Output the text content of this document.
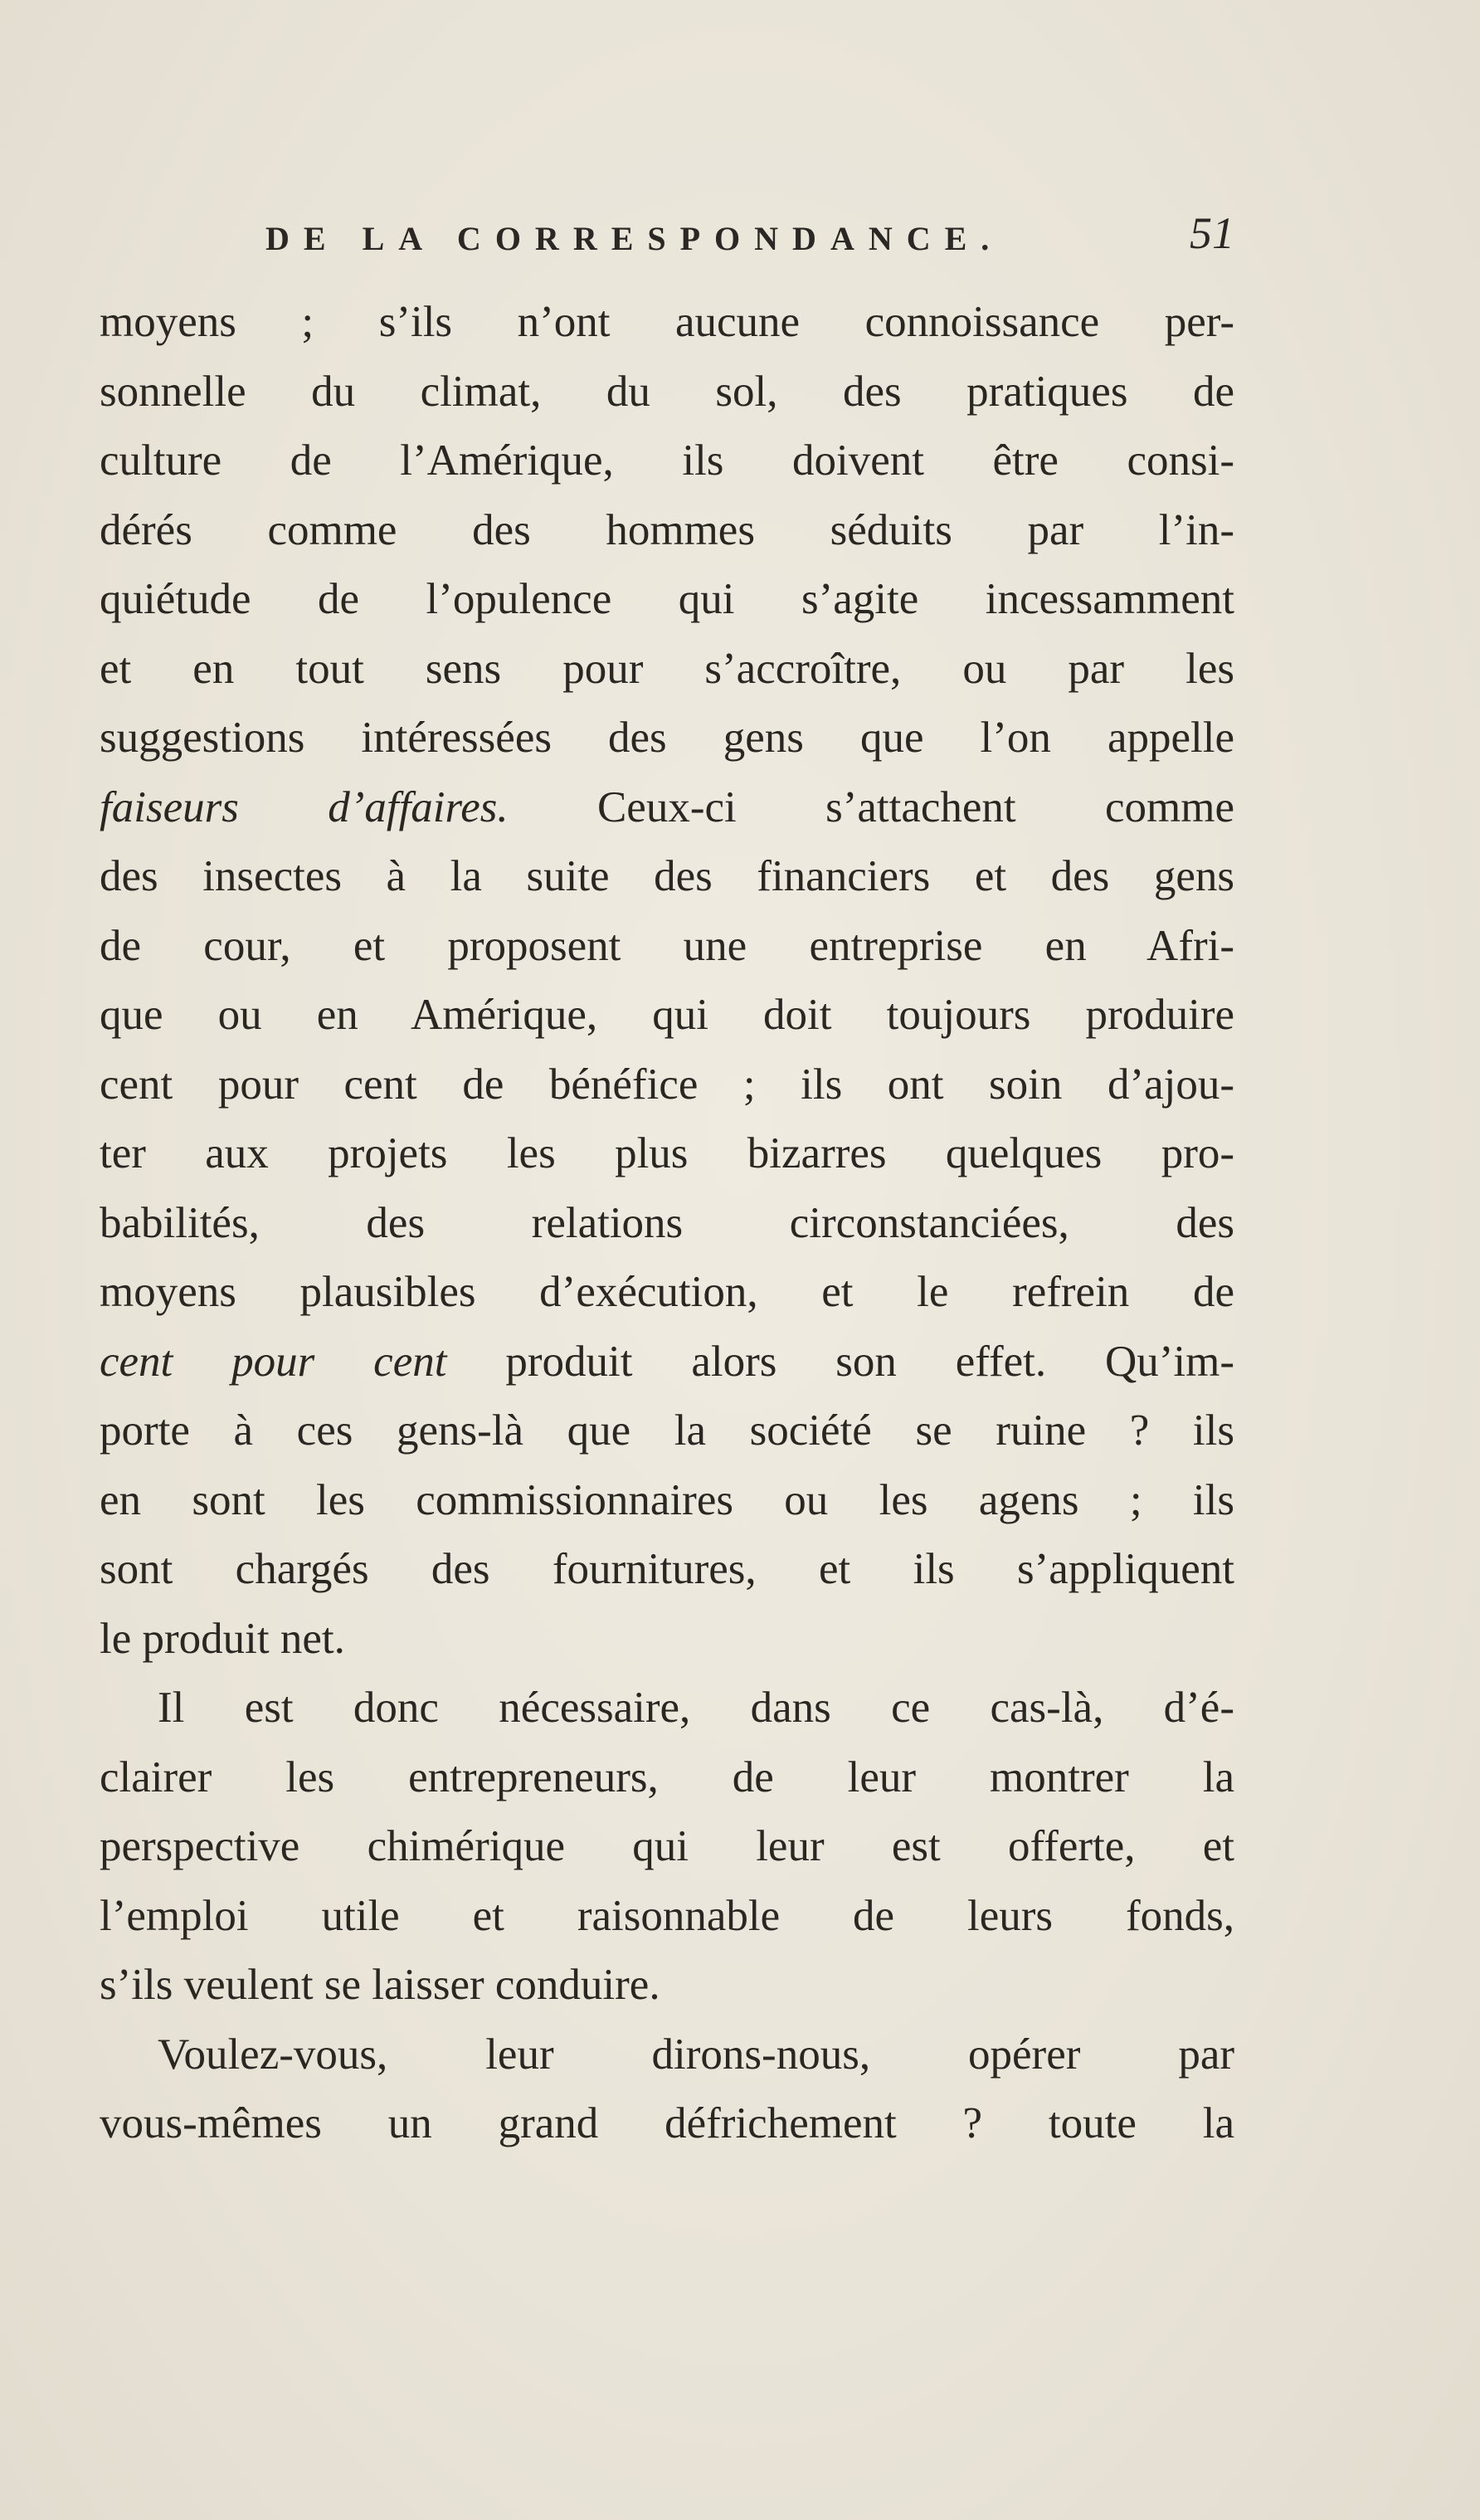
DE LA CORRESPONDANCE.	51
moyens ; s’ils n’ont aucune connoissance per-
sonnelle du climat, du sol, des pratiques de
culture de l’Amérique, ils doivent être consi-
dérés comme des hommes séduits par l’in-
quiétude de l’opulence qui s’agite incessamment
et en tout sens pour s’accroître, ou par les
suggestions intéressées des gens que l’on appelle
faiseurs d’affaires. Ceux-ci s’attachent comme
des insectes à la suite des financiers et des gens
de cour, et proposent une entreprise en Afri-
que ou en Amérique, qui doit toujours produire
cent pour cent de bénéfice ; ils ont soin d’ajou-
ter aux projets les plus bizarres quelques pro-
babilités, des relations circonstanciées, des
moyens plausibles d’exécution, et le refrein de
cent pour cent produit alors son effet. Qu’im-
porte à ces gens-là que la société se ruine ? ils
en sont les commissionnaires ou les agens ; ils
sont chargés des fournitures, et ils s’appliquent
le produit net.
Il est donc nécessaire, dans ce cas-là, d’é-
clairer les entrepreneurs, de leur montrer la
perspective chimérique qui leur est offerte, et
l’emploi utile et raisonnable de leurs fonds,
s’ils veulent se laisser conduire.
Voulez-vous, leur dirons-nous, opérer par
vous-mêmes un grand défrichement ? toute la
